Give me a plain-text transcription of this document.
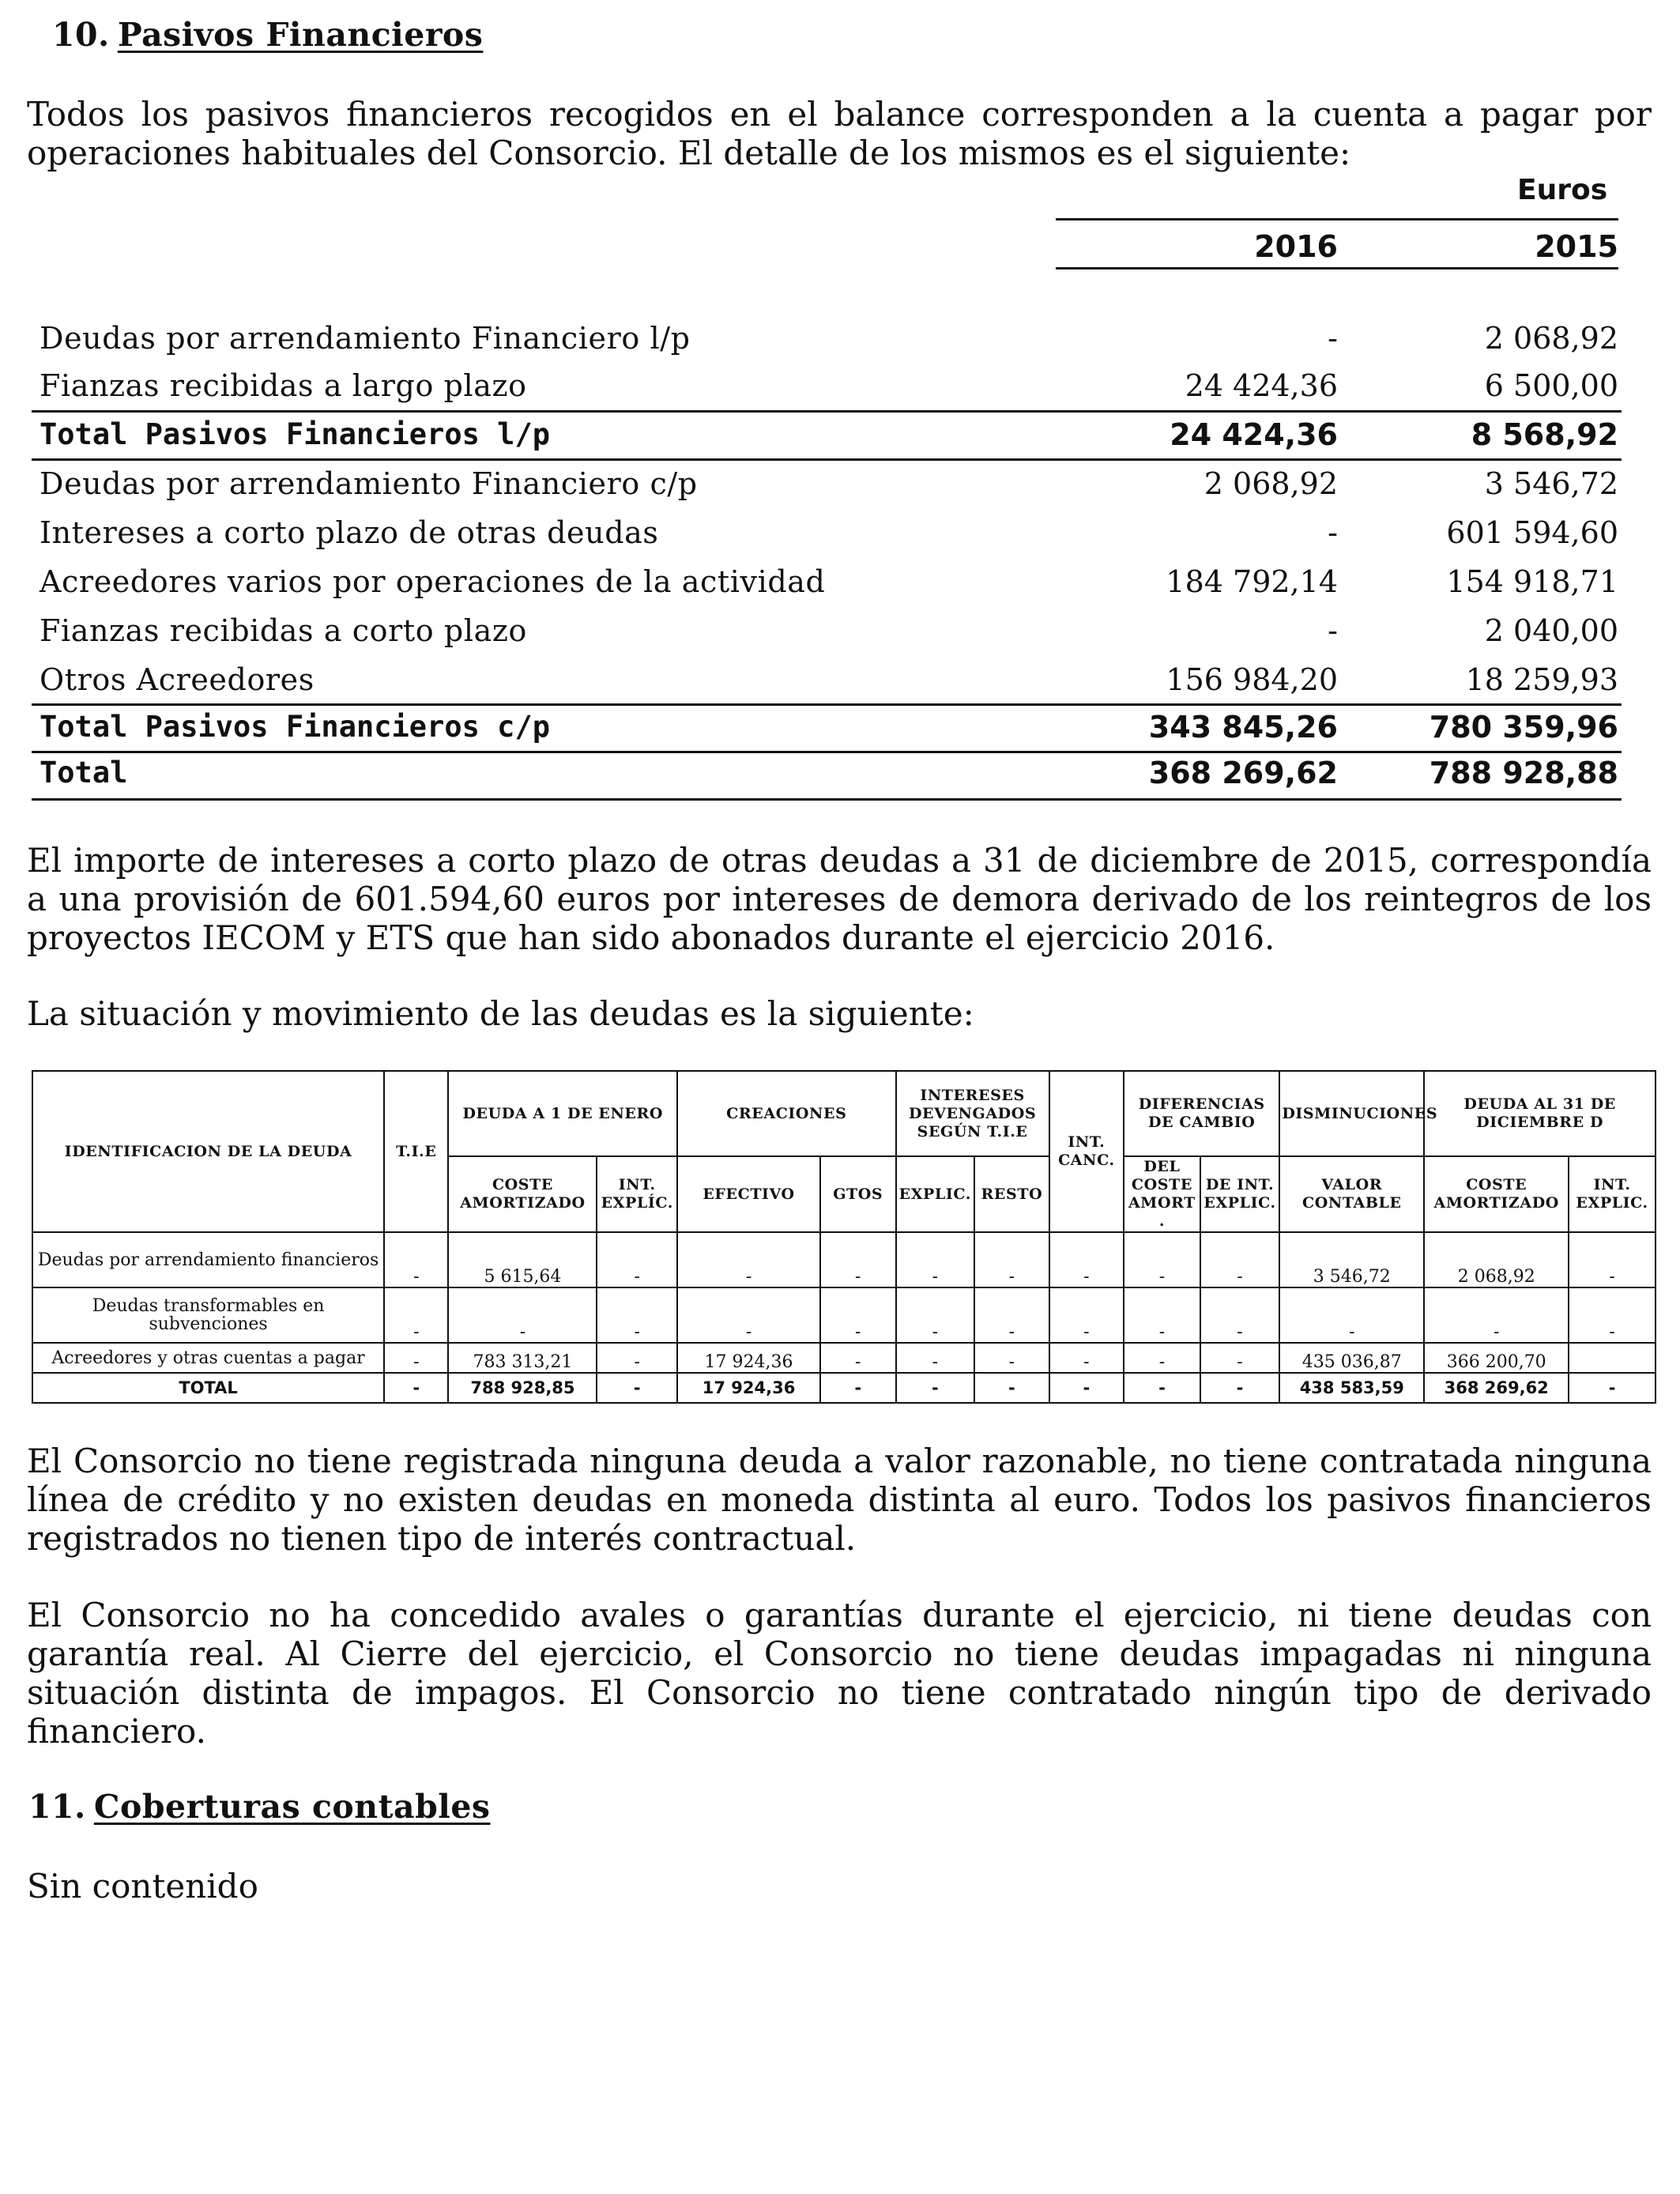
10. Pasivos Financieros

Todos los pasivos financieros recogidos en el balance corresponden a la cuenta a pagar por operaciones habituales del Consorcio. El detalle de los mismos es el siguiente:

Euros
2016	2015
Deudas por arrendamiento Financiero l/p	-	2 068,92
Fianzas recibidas a largo plazo	24 424,36	6 500,00
Total Pasivos Financieros l/p	24 424,36	8 568,92
Deudas por arrendamiento Financiero c/p	2 068,92	3 546,72
Intereses a corto plazo de otras deudas	-	601 594,60
Acreedores varios por operaciones de la actividad	184 792,14	154 918,71
Fianzas recibidas a corto plazo	-	2 040,00
Otros Acreedores	156 984,20	18 259,93
Total Pasivos Financieros c/p	343 845,26	780 359,96
Total	368 269,62	788 928,88

El importe de intereses a corto plazo de otras deudas a 31 de diciembre de 2015, correspondía a una provisión de 601.594,60 euros por intereses de demora derivado de los reintegros de los proyectos IECOM y ETS que han sido abonados durante el ejercicio 2016.

La situación y movimiento de las deudas es la siguiente:

IDENTIFICACION DE LA DEUDA	T.I.E	DEUDA A 1 DE ENERO		CREACIONES		INTERESES DEVENGADOS SEGÚN T.I.E		INT. CANC.	DIFERENCIAS DE CAMBIO		DISMINUCIONES	DEUDA AL 31 DE DICIEMBRE D	
		COSTE AMORTIZADO	INT. EXPLÍC.	EFECTIVO	GTOS	EXPLIC.	RESTO		DEL COSTE AMORT .	DE INT. EXPLIC.	VALOR CONTABLE	COSTE AMORTIZADO	INT. EXPLIC.
Deudas por arrendamiento financieros	-	5 615,64	-	-	-	-	-	-	-	-	3 546,72	2 068,92	-
Deudas transformables en subvenciones	-	-	-	-	-	-	-	-	-	-	-	-	-
Acreedores y otras cuentas a pagar	-	783 313,21	-	17 924,36	-	-	-	-	-	-	435 036,87	366 200,70	
TOTAL	-	788 928,85	-	17 924,36	-	-	-	-	-	-	438 583,59	368 269,62	-

El Consorcio no tiene registrada ninguna deuda a valor razonable, no tiene contratada ninguna línea de crédito y no existen deudas en moneda distinta al euro. Todos los pasivos financieros registrados no tienen tipo de interés contractual.

El Consorcio no ha concedido avales o garantías durante el ejercicio, ni tiene deudas con garantía real. Al Cierre del ejercicio, el Consorcio no tiene deudas impagadas ni ninguna situación distinta de impagos. El Consorcio no tiene contratado ningún tipo de derivado financiero.

11. Coberturas contables

Sin contenido
